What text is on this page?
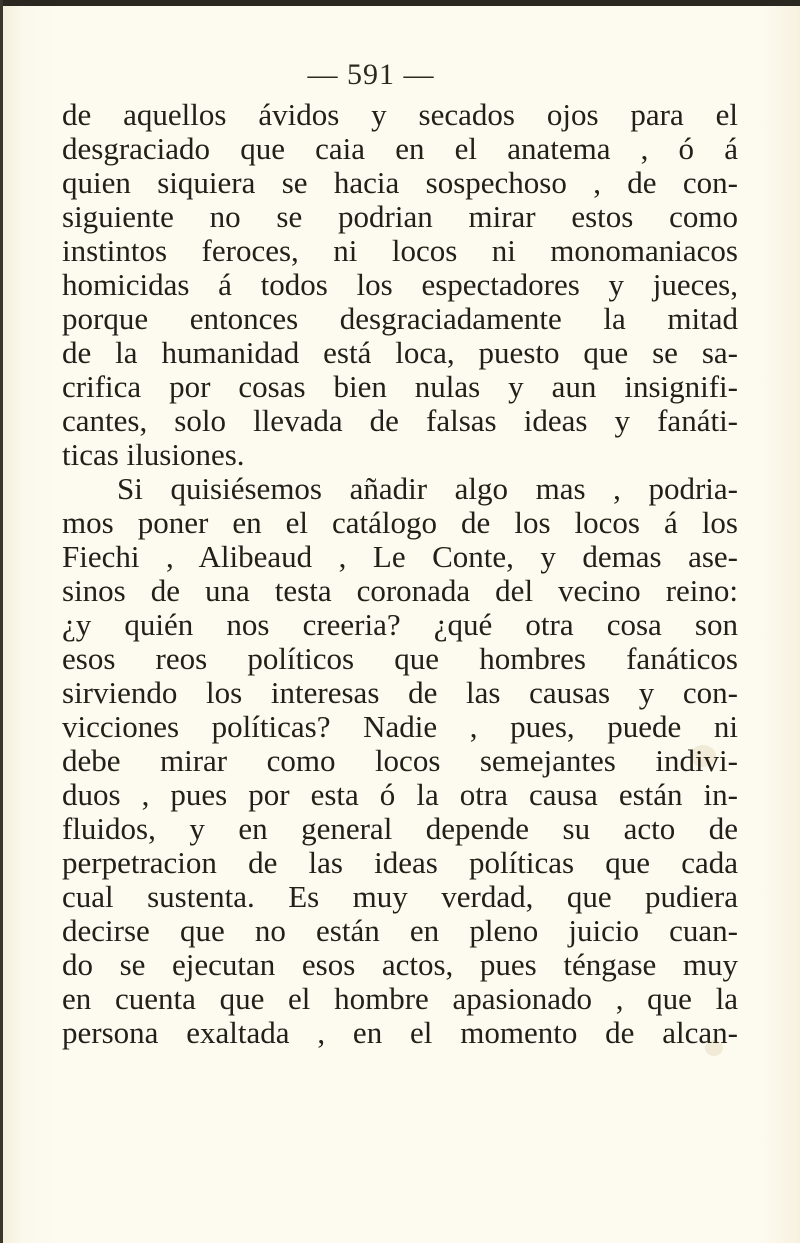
— 591 —
de aquellos ávidos y secados ojos para el
desgraciado que caia en el anatema , ó á
quien siquiera se hacia sospechoso , de con-
siguiente no se podrian mirar estos como
instintos feroces, ni locos ni monomaniacos
homicidas á todos los espectadores y jueces,
porque entonces desgraciadamente la mitad
de la humanidad está loca, puesto que se sa-
crifica por cosas bien nulas y aun insignifi-
cantes, solo llevada de falsas ideas y fanáti-
ticas ilusiones.
Si quisiésemos añadir algo mas , podria-
mos poner en el catálogo de los locos á los
Fiechi , Alibeaud , Le Conte, y demas ase-
sinos de una testa coronada del vecino reino:
¿y quién nos creeria? ¿qué otra cosa son
esos reos políticos que hombres fanáticos
sirviendo los interesas de las causas y con-
vicciones políticas? Nadie , pues, puede ni
debe mirar como locos semejantes indivi-
duos , pues por esta ó la otra causa están in-
fluidos, y en general depende su acto de
perpetracion de las ideas políticas que cada
cual sustenta. Es muy verdad, que pudiera
decirse que no están en pleno juicio cuan-
do se ejecutan esos actos, pues téngase muy
en cuenta que el hombre apasionado , que la
persona exaltada , en el momento de alcan-
